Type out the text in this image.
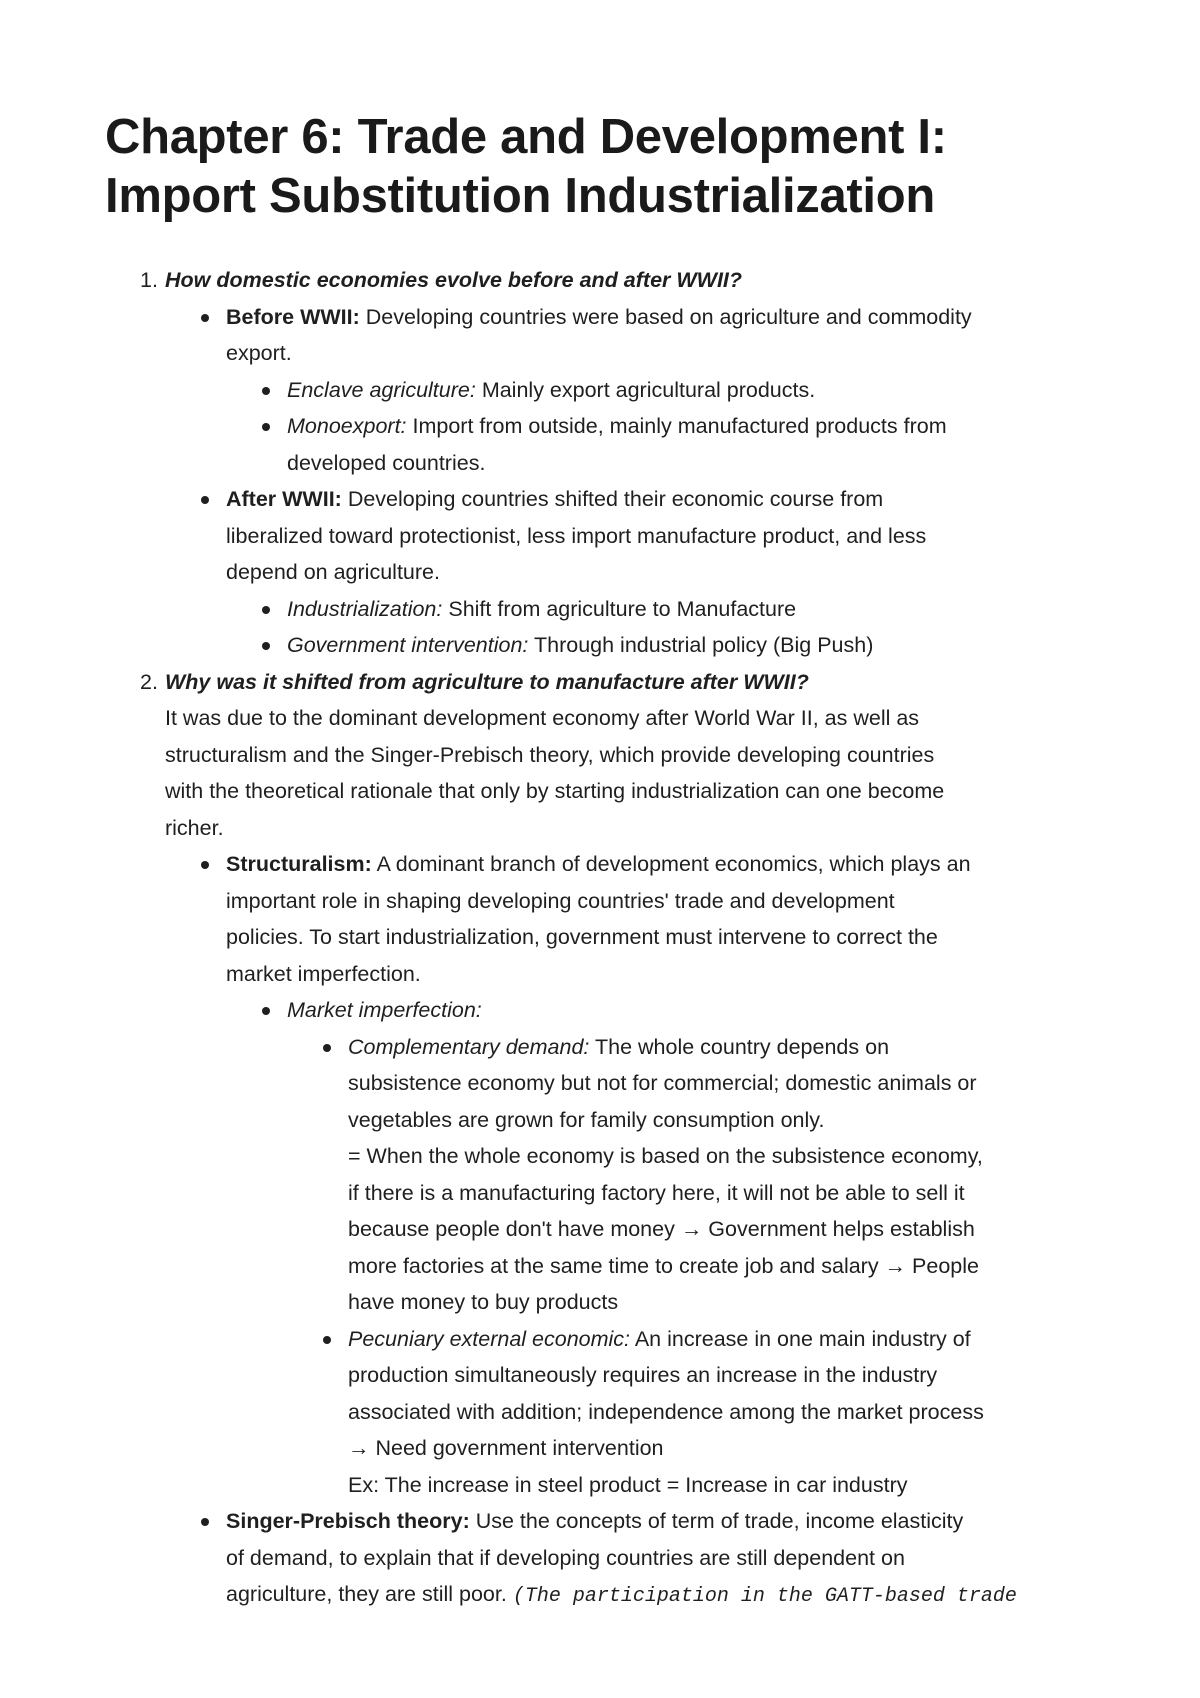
Chapter 6: Trade and Development I:
Import Substitution Industrialization
1. How domestic economies evolve before and after WWII?
Before WWII: Developing countries were based on agriculture and commodity
export.
Enclave agriculture: Mainly export agricultural products.
Monoexport: Import from outside, mainly manufactured products from
developed countries.
After WWII: Developing countries shifted their economic course from
liberalized toward protectionist, less import manufacture product, and less
depend on agriculture.
Industrialization: Shift from agriculture to Manufacture
Government intervention: Through industrial policy (Big Push)
2. Why was it shifted from agriculture to manufacture after WWII?
It was due to the dominant development economy after World War II, as well as
structuralism and the Singer-Prebisch theory, which provide developing countries
with the theoretical rationale that only by starting industrialization can one become
richer.
Structuralism: A dominant branch of development economics, which plays an
important role in shaping developing countries' trade and development
policies. To start industrialization, government must intervene to correct the
market imperfection.
Market imperfection:
Complementary demand: The whole country depends on
subsistence economy but not for commercial; domestic animals or
vegetables are grown for family consumption only.
= When the whole economy is based on the subsistence economy,
if there is a manufacturing factory here, it will not be able to sell it
because people don't have money → Government helps establish
more factories at the same time to create job and salary → People
have money to buy products
Pecuniary external economic: An increase in one main industry of
production simultaneously requires an increase in the industry
associated with addition; independence among the market process
→ Need government intervention
Ex: The increase in steel product = Increase in car industry
Singer-Prebisch theory: Use the concepts of term of trade, income elasticity
of demand, to explain that if developing countries are still dependent on
agriculture, they are still poor. (The participation in the GATT-based trade
